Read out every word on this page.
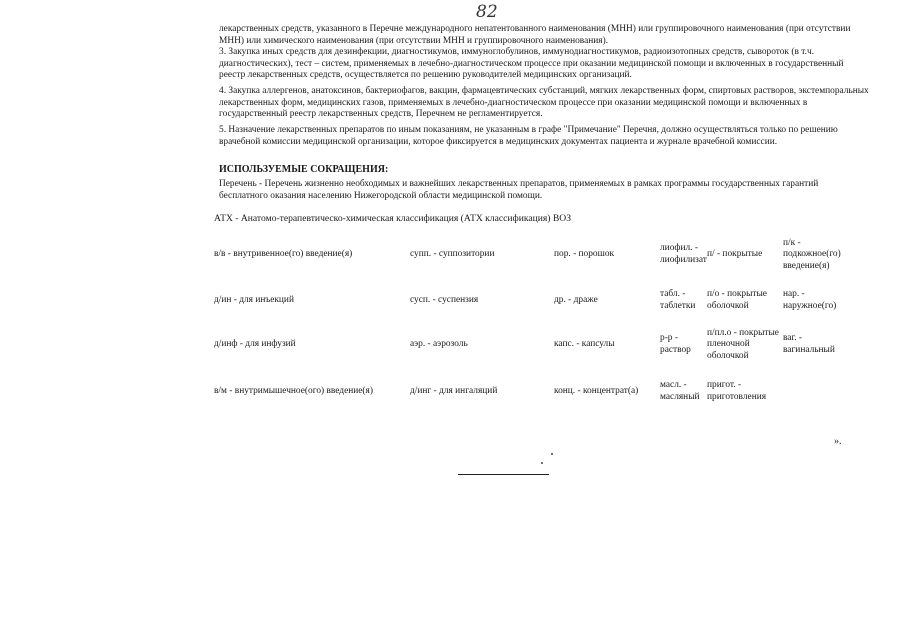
82

лекарственных средств, указанного в Перечне международного непатентованного наименования (МНН) или группировочного наименования (при отсутствии МНН) или химического наименования (при отсутствии МНН и группировочного наименования).

3. Закупка иных средств для дезинфекции, диагностикумов, иммуноглобулинов, иммунодиагностикумов, радиоизотопных средств, сывороток (в т.ч. диагностических), тест – систем, применяемых в лечебно-диагностическом процессе при оказании медицинской помощи и включенных в государственный реестр лекарственных средств, осуществляется по решению руководителей медицинских организаций.

4. Закупка аллергенов, анатоксинов, бактериофагов, вакцин, фармацевтических субстанций, мягких лекарственных форм, спиртовых растворов, экстемпоральных лекарственных форм, медицинских газов, применяемых в лечебно-диагностическом процессе при оказании медицинской помощи и включенных в государственный реестр лекарственных средств, Перечнем не регламентируется.

5. Назначение лекарственных препаратов по иным показаниям, не указанным в графе "Примечание" Перечня, должно осуществляться только по решению врачебной комиссии медицинской организации, которое фиксируется в медицинских документах пациента и журнале врачебной комиссии.

ИСПОЛЬЗУЕМЫЕ СОКРАЩЕНИЯ:

Перечень - Перечень жизненно необходимых и важнейших лекарственных препаратов, применяемых в рамках программы государственных гарантий бесплатного оказания населению Нижегородской области медицинской помощи.

АТХ - Анатомо-терапевтическо-химическая классификация (АТХ классификация) ВОЗ

в/в - внутривенное(го) введение(я)	супп. - суппозитории	пор. - порошок	лиофил. - лиофилизат	п/ - покрытые	п/к - подкожное(го) введение(я)
д/ин - для инъекций	сусп. - суспензия	др. - драже	табл. - таблетки	п/о - покрытые оболочкой	нар. - наружное(го)
д/инф - для инфузий	аэр. - аэрозоль	капс. - капсулы	р-р - раствор	п/пл.о - покрытые пленочной оболочкой	ваг. - вагинальный
в/м - внутримышечное(ого) введение(я)	д/инг - для ингаляций	конц. - концентрат(а)	масл. - масляный	пригот. - приготовления	
».
